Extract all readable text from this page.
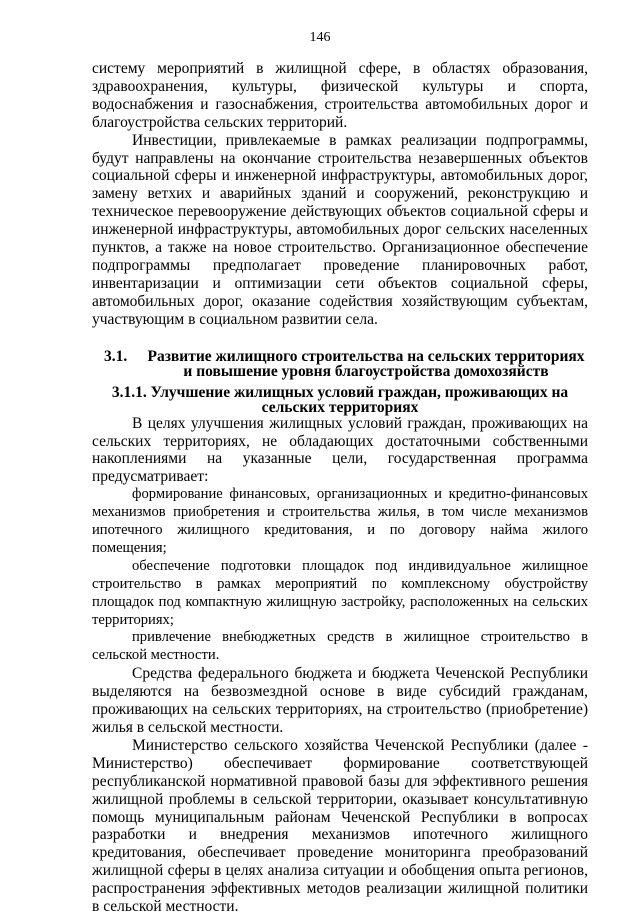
146

систему мероприятий в жилищной сфере, в областях образования, здравоохранения, культуры, физической культуры и спорта, водоснабжения и газоснабжения, строительства автомобильных дорог и благоустройства сельских территорий.

Инвестиции, привлекаемые в рамках реализации подпрограммы, будут направлены на окончание строительства незавершенных объектов социальной сферы и инженерной инфраструктуры, автомобильных дорог, замену ветхих и аварийных зданий и сооружений, реконструкцию и техническое перевооружение действующих объектов социальной сферы и инженерной инфраструктуры, автомобильных дорог сельских населенных пунктов, а также на новое строительство. Организационное обеспечение подпрограммы предполагает проведение планировочных работ, инвентаризации и оптимизации сети объектов социальной сферы, автомобильных дорог, оказание содействия хозяйствующим субъектам, участвующим в социальном развитии села.

3.1.	Развитие жилищного строительства на сельских территориях и повышение уровня благоустройства домохозяйств
3.1.1. Улучшение жилищных условий граждан, проживающих на сельских территориях

В целях улучшения жилищных условий граждан, проживающих на сельских территориях, не обладающих достаточными собственными накоплениями на указанные цели, государственная программа предусматривает:

формирование финансовых, организационных и кредитно-финансовых механизмов приобретения и строительства жилья, в том числе механизмов ипотечного жилищного кредитования, и по договору найма жилого помещения;

обеспечение подготовки площадок под индивидуальное жилищное строительство в рамках мероприятий по комплексному обустройству площадок под компактную жилищную застройку, расположенных на сельских территориях;

привлечение внебюджетных средств в жилищное строительство в сельской местности.

Средства федерального бюджета и бюджета Чеченской Республики выделяются на безвозмездной основе в виде субсидий гражданам, проживающих на сельских территориях, на строительство (приобретение) жилья в сельской местности.

Министерство сельского хозяйства Чеченской Республики (далее - Министерство) обеспечивает формирование соответствующей республиканской нормативной правовой базы для эффективного решения жилищной проблемы в сельской территории, оказывает консультативную помощь муниципальным районам Чеченской Республики в вопросах разработки и внедрения механизмов ипотечного жилищного кредитования, обеспечивает проведение мониторинга преобразований жилищной сферы в целях анализа ситуации и обобщения опыта регионов, распространения эффективных методов реализации жилищной политики в сельской местности.
